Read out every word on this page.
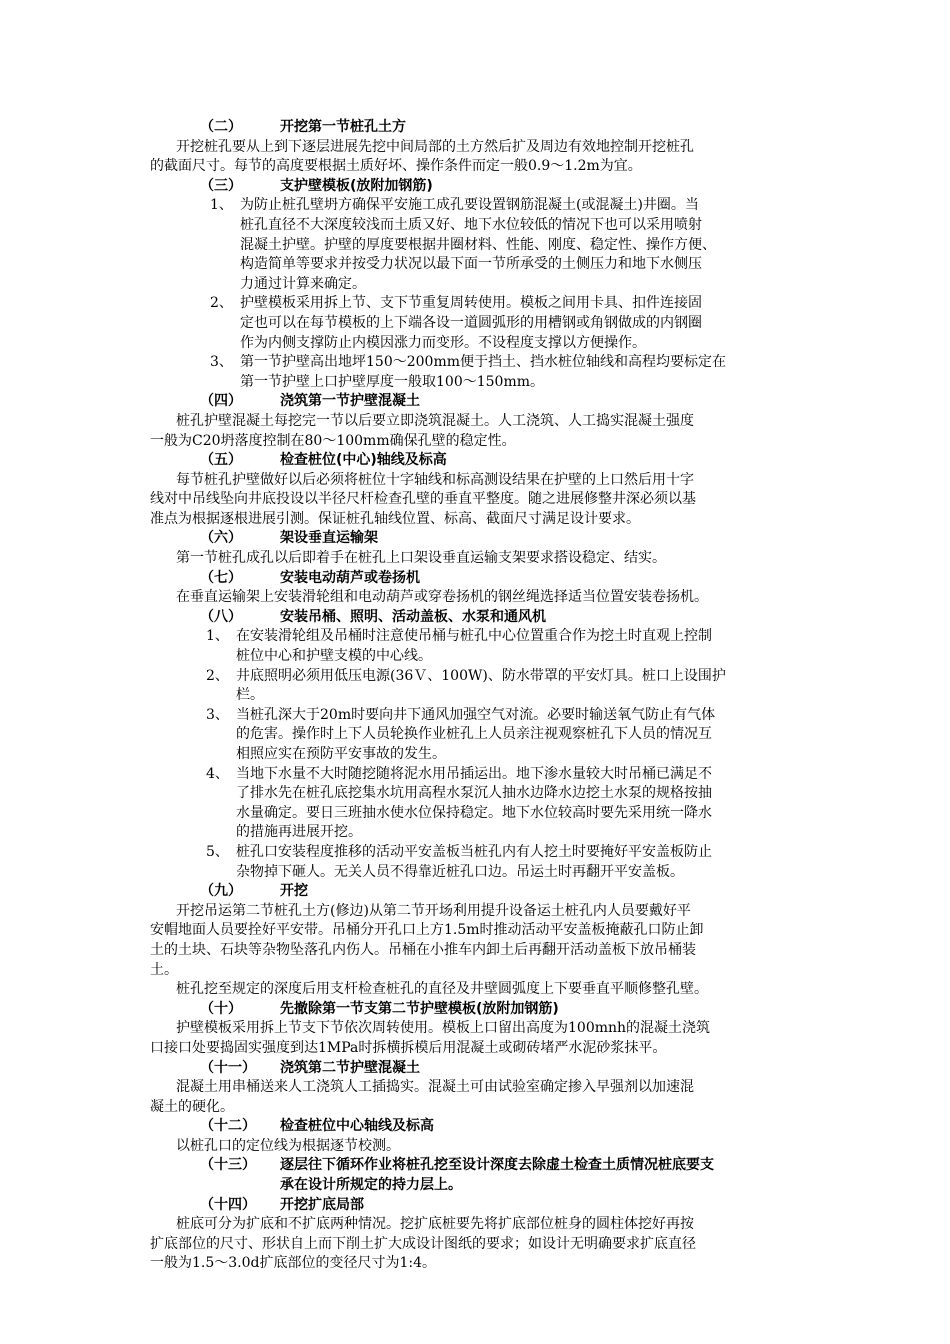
（二）	开挖第一节桩孔土方
开挖桩孔要从上到下逐层进展先挖中间局部的土方然后扩及周边有效地控制开挖桩孔
的截面尺寸。每节的高度要根据土质好坏、操作条件而定一般0.9～1.2m为宜。
（三）	支护壁模板(放附加钢筋)
1、 为防止桩孔壁坍方确保平安施工成孔要设置钢筋混凝土(或混凝土)井圈。当
桩孔直径不大深度较浅而土质又好、地下水位较低的情况下也可以采用喷射
混凝土护壁。护壁的厚度要根据井圈材料、性能、刚度、稳定性、操作方便、
构造简单等要求并按受力状况以最下面一节所承受的土侧压力和地下水侧压
力通过计算来确定。
2、 护壁模板采用拆上节、支下节重复周转使用。模板之间用卡具、扣件连接固
定也可以在每节模板的上下端各设一道圆弧形的用槽钢或角钢做成的内钢圈
作为内侧支撑防止内模因涨力而变形。不设程度支撑以方便操作。
3、 第一节护壁高出地坪150～200mm便于挡土、挡水桩位轴线和高程均要标定在
第一节护壁上口护壁厚度一般取100～150mm。
（四）	浇筑第一节护壁混凝土
桩孔护壁混凝土每挖完一节以后要立即浇筑混凝土。人工浇筑、人工捣实混凝土强度
一般为C20坍落度控制在80～100mm确保孔壁的稳定性。
（五）	检查桩位(中心)轴线及标高
每节桩孔护壁做好以后必须将桩位十字轴线和标高测设结果在护壁的上口然后用十字
线对中吊线坠向井底投设以半径尺杆检查孔壁的垂直平整度。随之进展修整井深必须以基
准点为根据逐根进展引测。保证桩孔轴线位置、标高、截面尺寸满足设计要求。
（六）	架设垂直运输架
第一节桩孔成孔以后即着手在桩孔上口架设垂直运输支架要求搭设稳定、结实。
（七）	安装电动葫芦或卷扬机
在垂直运输架上安装滑轮组和电动葫芦或穿卷扬机的钢丝绳选择适当位置安装卷扬机。
（八）	安装吊桶、照明、活动盖板、水泵和通风机
1、 在安装滑轮组及吊桶时注意使吊桶与桩孔中心位置重合作为挖土时直观上控制
桩位中心和护壁支模的中心线。
2、 井底照明必须用低压电源(36Ｖ、100W)、防水带罩的平安灯具。桩口上设围护
栏。
3、 当桩孔深大于20m时要向井下通风加强空气对流。必要时输送氧气防止有气体
的危害。操作时上下人员轮换作业桩孔上人员亲注视观察桩孔下人员的情况互
相照应实在预防平安事故的发生。
4、 当地下水量不大时随挖随将泥水用吊插运出。地下渗水量较大时吊桶已满足不
了排水先在桩孔底挖集水坑用高程水泵沉人抽水边降水边挖土水泵的规格按抽
水量确定。要日三班抽水使水位保持稳定。地下水位较高时要先采用统一降水
的措施再进展开挖。
5、 桩孔口安装程度推移的活动平安盖板当桩孔内有人挖土时要掩好平安盖板防止
杂物掉下砸人。无关人员不得靠近桩孔口边。吊运土时再翻开平安盖板。
（九）	开挖
开挖吊运第二节桩孔土方(修边)从第二节开场利用提升设备运土桩孔内人员要戴好平
安帽地面人员要拴好平安带。吊桶分开孔口上方1.5m时推动活动平安盖板掩蔽孔口防止卸
土的土块、石块等杂物坠落孔内伤人。吊桶在小推车内卸土后再翻开活动盖板下放吊桶装
土。
桩孔挖至规定的深度后用支杆检查桩孔的直径及井壁圆弧度上下要垂直平顺修整孔壁。
（十）	先撤除第一节支第二节护壁模板(放附加钢筋)
护壁模板采用拆上节支下节依次周转使用。模板上口留出高度为100mnh的混凝土浇筑
口接口处要捣固实强度到达1MPa时拆横拆模后用混凝土或砌砖堵严水泥砂浆抹平。
（十一） 浇筑第二节护壁混凝土
混凝土用串桶送来人工浇筑人工插捣实。混凝土可由试验室确定掺入早强剂以加速混
凝土的硬化。
（十二） 检查桩位中心轴线及标高
以桩孔口的定位线为根据逐节校测。
（十三） 逐层往下循环作业将桩孔挖至设计深度去除虚土检查土质情况桩底要支
承在设计所规定的持力层上。
（十四） 开挖扩底局部
桩底可分为扩底和不扩底两种情况。挖扩底桩要先将扩底部位桩身的圆柱体挖好再按
扩底部位的尺寸、形状自上而下削土扩大成设计图纸的要求；如设计无明确要求扩底直径
一般为1.5～3.0d扩底部位的变径尺寸为1:4。
